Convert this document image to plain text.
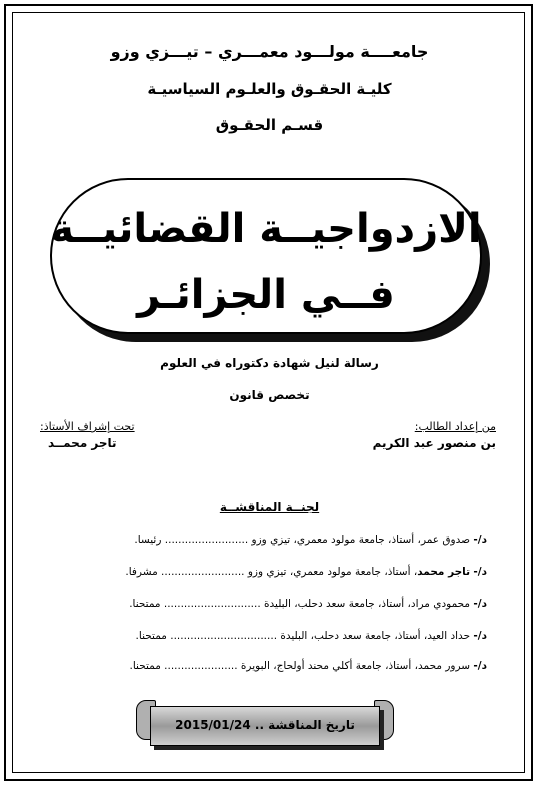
جامعــــة مولـــود معمـــري – تيـــزي وزو
كليـة الحقـوق والعلـوم السياسيـة
قسـم الحقـوق
الازدواجيــة القضائيــة
فــي الجزائـر
رسالة لنيل شهادة دكتوراه في العلوم
تخصص قانون
من إعداد الطالب:
بن منصور عبد الكريم
تحت إشراف الأستاذ:
تاجر محمــد
لجنــة المناقشــة
د/- صدوق عمر، أستاذ، جامعة مولود معمري، تيزي وزو ......................... رئيسا.
د/- تاجر محمد، أستاذ، جامعة مولود معمري، تيزي وزو ......................... مشرفا.
د/- محمودي مراد، أستاذ، جامعة سعد دحلب، البليدة ............................. ممتحنا.
د/- حداد العيد، أستاذ، جامعة سعد دحلب، البليدة ................................ ممتحنا.
د/- سرور محمد، أستاذ، جامعة أكلي محند أولحاج، البويرة ...................... ممتحنا.
تاريخ المناقشة .. 2015/01/24
